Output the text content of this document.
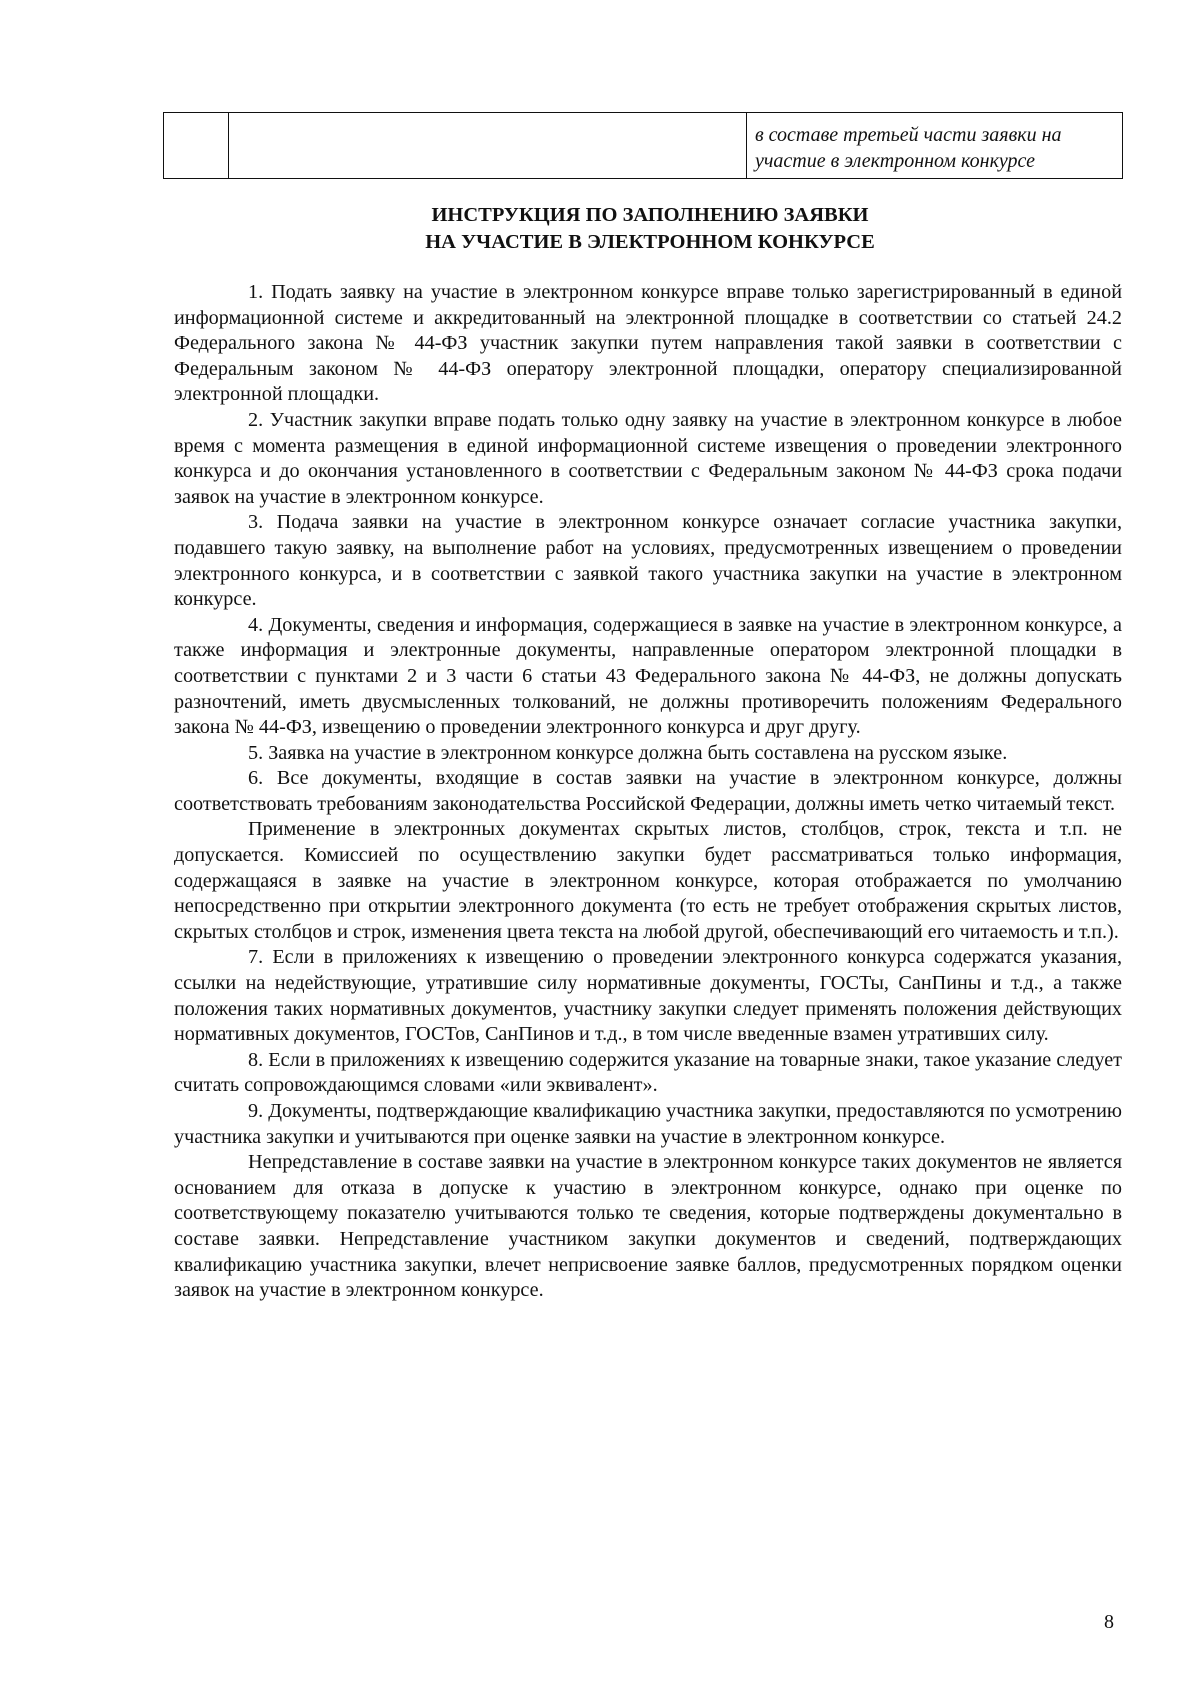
		в составе третьей части заявки на участие в электронном конкурсе
ИНСТРУКЦИЯ ПО ЗАПОЛНЕНИЮ ЗАЯВКИ
НА УЧАСТИЕ В ЭЛЕКТРОННОМ КОНКУРСЕ

1. Подать заявку на участие в электронном конкурсе вправе только зарегистрированный в единой информационной системе и аккредитованный на электронной площадке в соответствии со статьей 24.2 Федерального закона № 44-ФЗ участник закупки путем направления такой заявки в соответствии с Федеральным законом № 44-ФЗ оператору электронной площадки, оператору специализированной электронной площадки.

2. Участник закупки вправе подать только одну заявку на участие в электронном конкурсе в любое время с момента размещения в единой информационной системе извещения о проведении электронного конкурса и до окончания установленного в соответствии с Федеральным законом № 44-ФЗ срока подачи заявок на участие в электронном конкурсе.

3. Подача заявки на участие в электронном конкурсе означает согласие участника закупки, подавшего такую заявку, на выполнение работ на условиях, предусмотренных извещением о проведении электронного конкурса, и в соответствии с заявкой такого участника закупки на участие в электронном конкурсе.

4. Документы, сведения и информация, содержащиеся в заявке на участие в электронном конкурсе, а также информация и электронные документы, направленные оператором электронной площадки в соответствии с пунктами 2 и 3 части 6 статьи 43 Федерального закона № 44-ФЗ, не должны допускать разночтений, иметь двусмысленных толкований, не должны противоречить положениям Федерального закона № 44-ФЗ, извещению о проведении электронного конкурса и друг другу.

5. Заявка на участие в электронном конкурсе должна быть составлена на русском языке.

6. Все документы, входящие в состав заявки на участие в электронном конкурсе, должны соответствовать требованиям законодательства Российской Федерации, должны иметь четко читаемый текст.

Применение в электронных документах скрытых листов, столбцов, строк, текста и т.п. не допускается. Комиссией по осуществлению закупки будет рассматриваться только информация, содержащаяся в заявке на участие в электронном конкурсе, которая отображается по умолчанию непосредственно при открытии электронного документа (то есть не требует отображения скрытых листов, скрытых столбцов и строк, изменения цвета текста на любой другой, обеспечивающий его читаемость и т.п.).

7. Если в приложениях к извещению о проведении электронного конкурса содержатся указания, ссылки на недействующие, утратившие силу нормативные документы, ГОСТы, СанПины и т.д., а также положения таких нормативных документов, участнику закупки следует применять положения действующих нормативных документов, ГОСТов, СанПинов и т.д., в том числе введенные взамен утративших силу.

8. Если в приложениях к извещению содержится указание на товарные знаки, такое указание следует считать сопровождающимся словами «или эквивалент».

9. Документы, подтверждающие квалификацию участника закупки, предоставляются по усмотрению участника закупки и учитываются при оценке заявки на участие в электронном конкурсе.

Непредставление в составе заявки на участие в электронном конкурсе таких документов не является основанием для отказа в допуске к участию в электронном конкурсе, однако при оценке по соответствующему показателю учитываются только те сведения, которые подтверждены документально в составе заявки. Непредставление участником закупки документов и сведений, подтверждающих квалификацию участника закупки, влечет неприсвоение заявке баллов, предусмотренных порядком оценки заявок на участие в электронном конкурсе.

8
